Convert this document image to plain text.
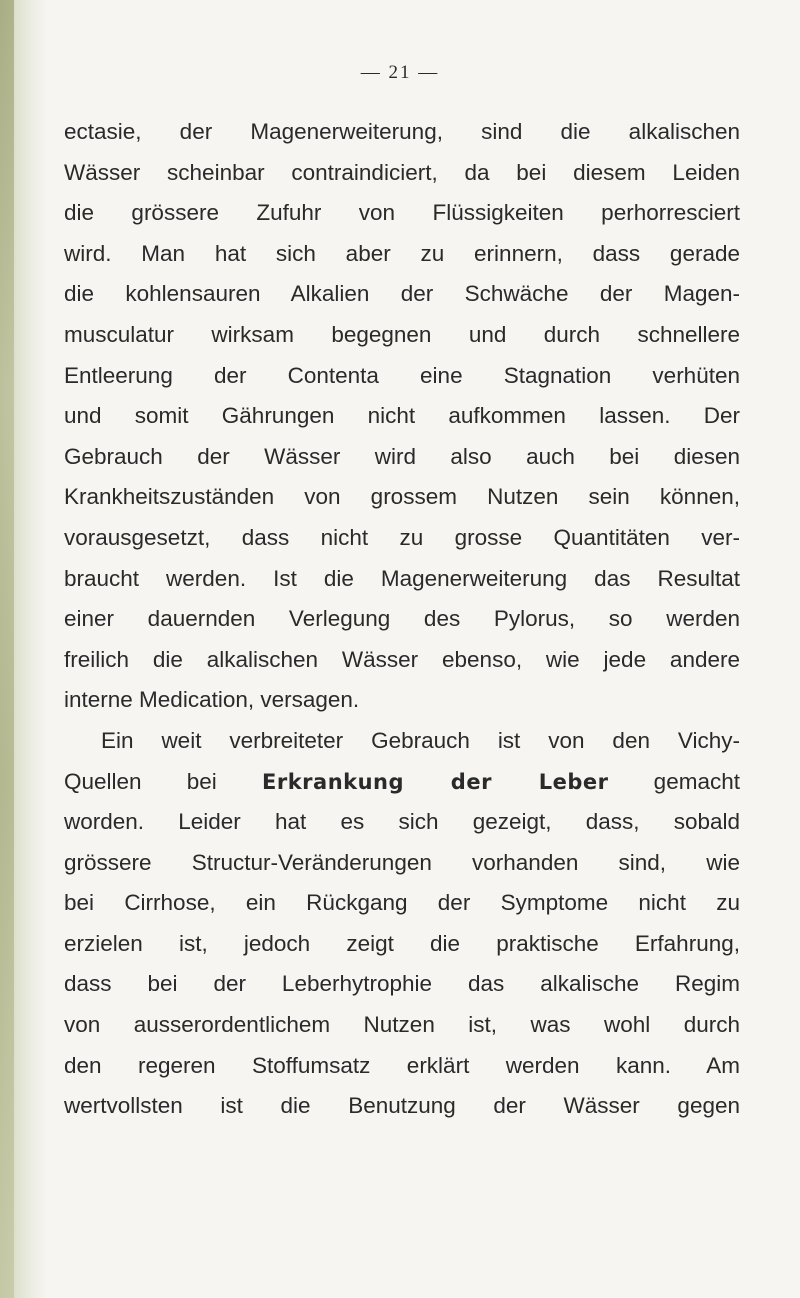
— 21 —
ectasie, der Magenerweiterung, sind die alkalischen
Wässer scheinbar contraindiciert, da bei diesem Leiden
die grössere Zufuhr von Flüssigkeiten perhorresciert
wird. Man hat sich aber zu erinnern, dass gerade
die kohlensauren Alkalien der Schwäche der Magen-
musculatur wirksam begegnen und durch schnellere
Entleerung der Contenta eine Stagnation verhüten
und somit Gährungen nicht aufkommen lassen. Der
Gebrauch der Wässer wird also auch bei diesen
Krankheitszuständen von grossem Nutzen sein können,
vorausgesetzt, dass nicht zu grosse Quantitäten ver-
braucht werden. Ist die Magenerweiterung das Resultat
einer dauernden Verlegung des Pylorus, so werden
freilich die alkalischen Wässer ebenso, wie jede andere
interne Medication, versagen.
Ein weit verbreiteter Gebrauch ist von den Vichy-
Quellen bei Erkrankung der Leber gemacht
worden. Leider hat es sich gezeigt, dass, sobald
grössere Structur-Veränderungen vorhanden sind, wie
bei Cirrhose, ein Rückgang der Symptome nicht zu
erzielen ist, jedoch zeigt die praktische Erfahrung,
dass bei der Leberhytrophie das alkalische Regim
von ausserordentlichem Nutzen ist, was wohl durch
den regeren Stoffumsatz erklärt werden kann. Am
wertvollsten ist die Benutzung der Wässer gegen
